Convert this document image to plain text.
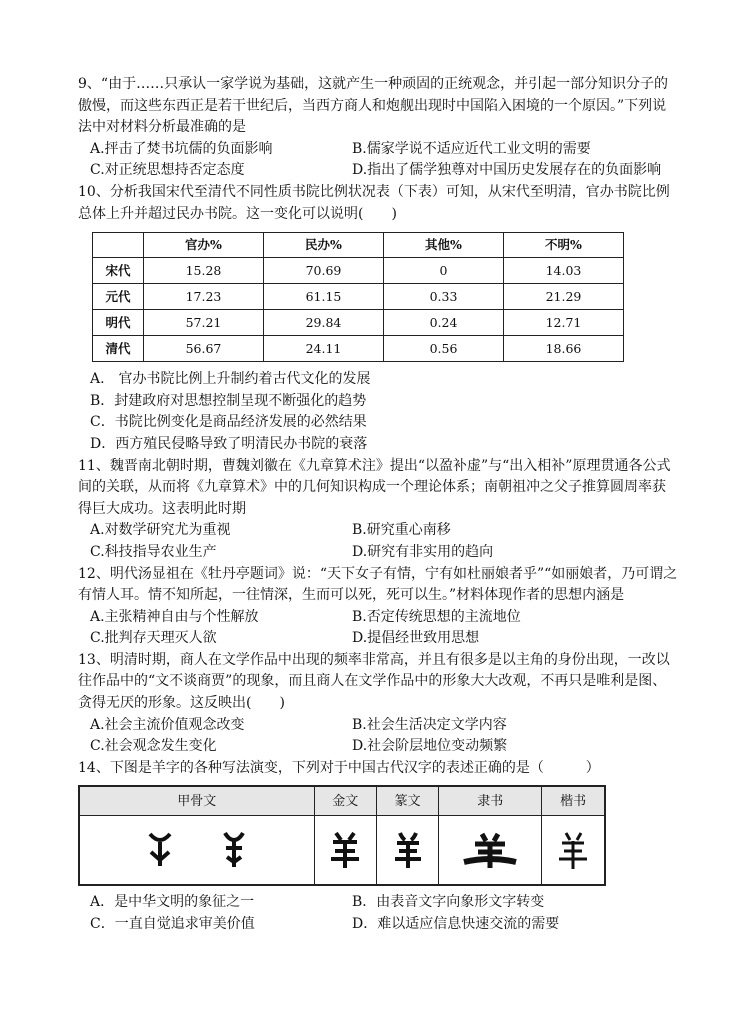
9、“由于……只承认一家学说为基础，这就产生一种顽固的正统观念，并引起一部分知识分子的傲慢，而这些东西正是若干世纪后，当西方商人和炮舰出现时中国陷入困境的一个原因。”下列说法中对材料分析最准确的是

A.抨击了焚书坑儒的负面影响	B.儒家学说不适应近代工业文明的需要
C.对正统思想持否定态度	D.指出了儒学独尊对中国历史发展存在的负面影响

10、分析我国宋代至清代不同性质书院比例状况表（下表）可知，从宋代至明清，官办书院比例总体上升并超过民办书院。这一变化可以说明(　　)

	官办%	民办%	其他%	不明%
宋代	15.28	70.69	0	14.03
元代	17.23	61.15	0.33	21.29
明代	57.21	29.84	0.24	12.71
清代	56.67	24.11	0.56	18.66
A.　官办书院比例上升制约着古代文化的发展
B．封建政府对思想控制呈现不断强化的趋势
C．书院比例变化是商品经济发展的必然结果
D．西方殖民侵略导致了明清民办书院的衰落

11、魏晋南北朝时期，曹魏刘徽在《九章算术注》提出“以盈补虚”与“出入相补”原理贯通各公式间的关联，从而将《九章算术》中的几何知识构成一个理论体系；南朝祖冲之父子推算圆周率获得巨大成功。这表明此时期

A.对数学研究尤为重视	B.研究重心南移
C.科技指导农业生产	D.研究有非实用的趋向

12、明代汤显祖在《牡丹亭题词》说：“天下女子有情，宁有如杜丽娘者乎”“如丽娘者，乃可谓之有情人耳。情不知所起，一往情深，生而可以死，死可以生。”材料体现作者的思想内涵是

A.主张精神自由与个性解放	B.否定传统思想的主流地位
C.批判存天理灭人欲	D.提倡经世致用思想

13、明清时期，商人在文学作品中出现的频率非常高，并且有很多是以主角的身份出现，一改以往作品中的“文不谈商贾”的现象，而且商人在文学作品中的形象大大改观，不再只是唯利是图、贪得无厌的形象。这反映出(　　)

A.社会主流价值观念改变	B.社会生活决定文学内容
C.社会观念发生变化	D.社会阶层地位变动频繁

14、下图是羊字的各种写法演变，下列对于中国古代汉字的表述正确的是（　　　）

甲骨文	金文	篆文	隶书	楷书

A．是中华文明的象征之一	B．由表音文字向象形文字转变
C．一直自觉追求审美价值	D．难以适应信息快速交流的需要
